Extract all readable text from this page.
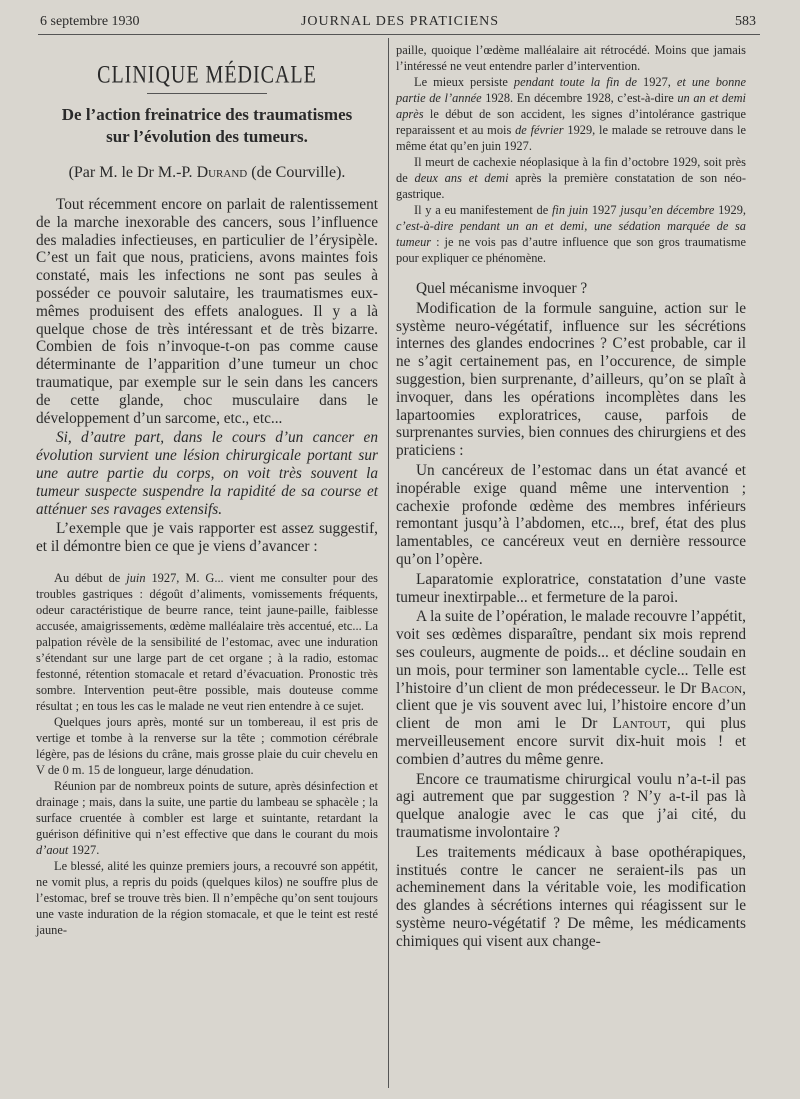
6 septembre 1930	JOURNAL DES PRATICIENS	583
CLINIQUE MÉDICALE
De l’action freinatrice des traumatismes
sur l’évolution des tumeurs.
(Par M. le Dr M.-P. Durand (de Courville).

Tout récemment encore on parlait de ralentissement de la marche inexorable des cancers, sous l’influence des maladies infectieuses, en particulier de l’érysipèle. C’est un fait que nous, praticiens, avons maintes fois constaté, mais les infections ne sont pas seules à posséder ce pouvoir salutaire, les traumatismes eux-mêmes produisent des effets analogues. Il y a là quelque chose de très intéressant et de très bizarre. Combien de fois n’invoque-t-on pas comme cause déterminante de l’apparition d’une tumeur un choc traumatique, par exemple sur le sein dans les cancers de cette glande, choc musculaire dans le développement d’un sarcome, etc., etc...

Si, d’autre part, dans le cours d’un cancer en évolution survient une lésion chirurgicale portant sur une autre partie du corps, on voit très souvent la tumeur suspecte suspendre la rapidité de sa course et atténuer ses ravages extensifs.

L’exemple que je vais rapporter est assez suggestif, et il démontre bien ce que je viens d’avancer :

Au début de juin 1927, M. G... vient me consulter pour des troubles gastriques : dégoût d’aliments, vomissements fréquents, odeur caractéristique de beurre rance, teint jaune-paille, faiblesse accusée, amaigrissements, œdème malléalaire très accentué, etc... La palpation révèle de la sensibilité de l’estomac, avec une induration s’étendant sur une large part de cet organe ; à la radio, estomac festonné, rétention stomacale et retard d’évacuation. Pronostic très sombre. Intervention peut-être possible, mais douteuse comme résultat ; en tous les cas le malade ne veut rien entendre à ce sujet.

Quelques jours après, monté sur un tombereau, il est pris de vertige et tombe à la renverse sur la tête ; commotion cérébrale légère, pas de lésions du crâne, mais grosse plaie du cuir chevelu en V de 0 m. 15 de longueur, large dénudation.

Réunion par de nombreux points de suture, après désinfection et drainage ; mais, dans la suite, une partie du lambeau se sphacèle ; la surface cruentée à combler est large et suintante, retardant la guérison définitive qui n’est effective que dans le courant du mois d’aout 1927.

Le blessé, alité les quinze premiers jours, a recouvré son appétit, ne vomit plus, a repris du poids (quelques kilos) ne souffre plus de l’estomac, bref se trouve très bien. Il n’empêche qu’on sent toujours une vaste induration de la région stomacale, et que le teint est resté jaune-

paille, quoique l’œdème malléalaire ait rétrocédé. Moins que jamais l’intéressé ne veut entendre parler d’intervention.

Le mieux persiste pendant toute la fin de 1927, et une bonne partie de l’année 1928. En décembre 1928, c’est-à-dire un an et demi après le début de son accident, les signes d’intolérance gastrique reparaissent et au mois de février 1929, le malade se retrouve dans le même état qu’en juin 1927.

Il meurt de cachexie néoplasique à la fin d’octobre 1929, soit près de deux ans et demi après la première constatation de son néo-gastrique.

Il y a eu manifestement de fin juin 1927 jusqu’en décembre 1929, c’est-à-dire pendant un an et demi, une sédation marquée de sa tumeur : je ne vois pas d’autre influence que son gros traumatisme pour expliquer ce phénomène.

Quel mécanisme invoquer ?

Modification de la formule sanguine, action sur le système neuro-végétatif, influence sur les sécrétions internes des glandes endocrines ? C’est probable, car il ne s’agit certainement pas, en l’occurence, de simple suggestion, bien surprenante, d’ailleurs, qu’on se plaît à invoquer, dans les opérations incomplètes dans les lapartoomies exploratrices, cause, parfois de surprenantes survies, bien connues des chirurgiens et des praticiens :

Un cancéreux de l’estomac dans un état avancé et inopérable exige quand même une intervention ; cachexie profonde œdème des membres inférieurs remontant jusqu’à l’abdomen, etc..., bref, état des plus lamentables, ce cancéreux veut en dernière ressource qu’on l’opère.

Laparatomie exploratrice, constatation d’une vaste tumeur inextirpable... et fermeture de la paroi.

A la suite de l’opération, le malade recouvre l’appétit, voit ses œdèmes disparaître, pendant six mois reprend ses couleurs, augmente de poids... et décline soudain en un mois, pour terminer son lamentable cycle... Telle est l’histoire d’un client de mon prédecesseur. le Dr Bacon, client que je vis souvent avec lui, l’histoire encore d’un client de mon ami le Dr Lantout, qui plus merveilleusement encore survit dix-huit mois ! et combien d’autres du même genre.

Encore ce traumatisme chirurgical voulu n’a-t-il pas agi autrement que par suggestion ? N’y a-t-il pas là quelque analogie avec le cas que j’ai cité, du traumatisme involontaire ?

Les traitements médicaux à base opothérapiques, institués contre le cancer ne seraient-ils pas un acheminement dans la véritable voie, les modification des glandes à sécrétions internes qui réagissent sur le système neuro-végétatif ? De même, les médicaments chimiques qui visent aux change-
